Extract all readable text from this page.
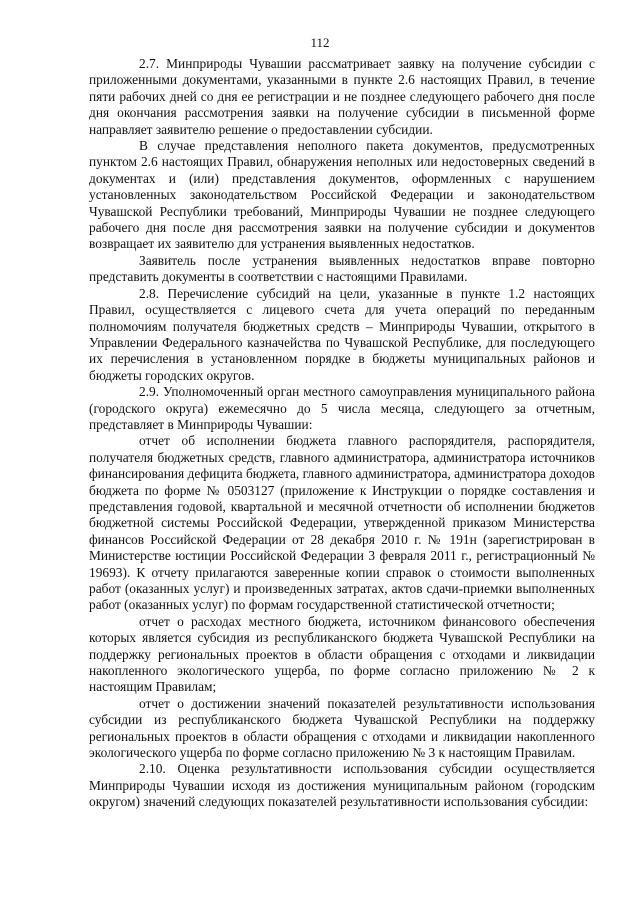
112

2.7. Минприроды Чувашии рассматривает заявку на получение субсидии с приложенными документами, указанными в пункте 2.6 настоящих Правил, в течение пяти рабочих дней со дня ее регистрации и не позднее следующего рабочего дня после дня окончания рассмотрения заявки на получение субсидии в письменной форме направляет заявителю решение о предоставлении субсидии.

В случае представления неполного пакета документов, предусмотренных пунктом 2.6 настоящих Правил, обнаружения неполных или недостоверных сведений в документах и (или) представления документов, оформленных с нарушением установленных законодательством Российской Федерации и законодательством Чувашской Республики требований, Минприроды Чувашии не позднее следующего рабочего дня после дня рассмотрения заявки на получение субсидии и документов возвращает их заявителю для устранения выявленных недостатков.

Заявитель после устранения выявленных недостатков вправе повторно представить документы в соответствии с настоящими Правилами.

2.8. Перечисление субсидий на цели, указанные в пункте 1.2 настоящих Правил, осуществляется с лицевого счета для учета операций по переданным полномочиям получателя бюджетных средств – Минприроды Чувашии, открытого в Управлении Федерального казначейства по Чувашской Республике, для последующего их перечисления в установленном порядке в бюджеты муниципальных районов и бюджеты городских округов.

2.9. Уполномоченный орган местного самоуправления муниципального района (городского округа) ежемесячно до 5 числа месяца, следующего за отчетным, представляет в Минприроды Чувашии:

отчет об исполнении бюджета главного распорядителя, распорядителя, получателя бюджетных средств, главного администратора, администратора источников финансирования дефицита бюджета, главного администратора, администратора доходов бюджета по форме № 0503127 (приложение к Инструкции о порядке составления и представления годовой, квартальной и месячной отчетности об исполнении бюджетов бюджетной системы Российской Федерации, утвержденной приказом Министерства финансов Российской Федерации от 28 декабря 2010 г. № 191н (зарегистрирован в Министерстве юстиции Российской Федерации 3 февраля 2011 г., регистрационный № 19693). К отчету прилагаются заверенные копии справок о стоимости выполненных работ (оказанных услуг) и произведенных затратах, актов сдачи-приемки выполненных работ (оказанных услуг) по формам государственной статистической отчетности;

отчет о расходах местного бюджета, источником финансового обеспечения которых является субсидия из республиканского бюджета Чувашской Республики на поддержку региональных проектов в области обращения с отходами и ликвидации накопленного экологического ущерба, по форме согласно приложению № 2 к настоящим Правилам;

отчет о достижении значений показателей результативности использования субсидии из республиканского бюджета Чувашской Республики на поддержку региональных проектов в области обращения с отходами и ликвидации накопленного экологического ущерба по форме согласно приложению № 3 к настоящим Правилам.

2.10. Оценка результативности использования субсидии осуществляется Минприроды Чувашии исходя из достижения муниципальным районом (городским округом) значений следующих показателей результативности использования субсидии:
